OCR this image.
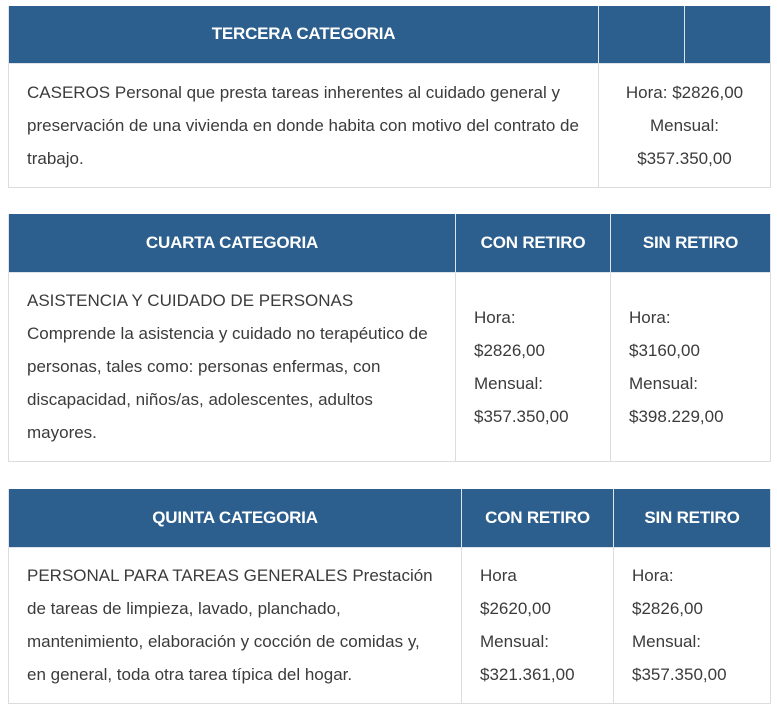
TERCERA CATEGORIA		
CASEROS Personal que presta tareas inherentes al cuidado general y preservación de una vivienda en donde habita con motivo del contrato de trabajo.	Hora: $2826,00
Mensual:
$357.350,00	
CUARTA CATEGORIA	CON RETIRO	SIN RETIRO

ASISTENCIA Y CUIDADO DE PERSONAS
Comprende la asistencia y cuidado no terapéutico de personas, tales como: personas enfermas, con discapacidad, niños/as, adolescentes, adultos mayores.	Hora:
$2826,00
Mensual:
$357.350,00	Hora:
$3160,00
Mensual:
$398.229,00
QUINTA CATEGORIA	CON RETIRO	SIN RETIRO
PERSONAL PARA TAREAS GENERALES Prestación de tareas de limpieza, lavado, planchado, mantenimiento, elaboración y cocción de comidas y, en general, toda otra tarea típica del hogar.	Hora
$2620,00
Mensual:
$321.361,00	Hora:
$2826,00
Mensual:
$357.350,00
